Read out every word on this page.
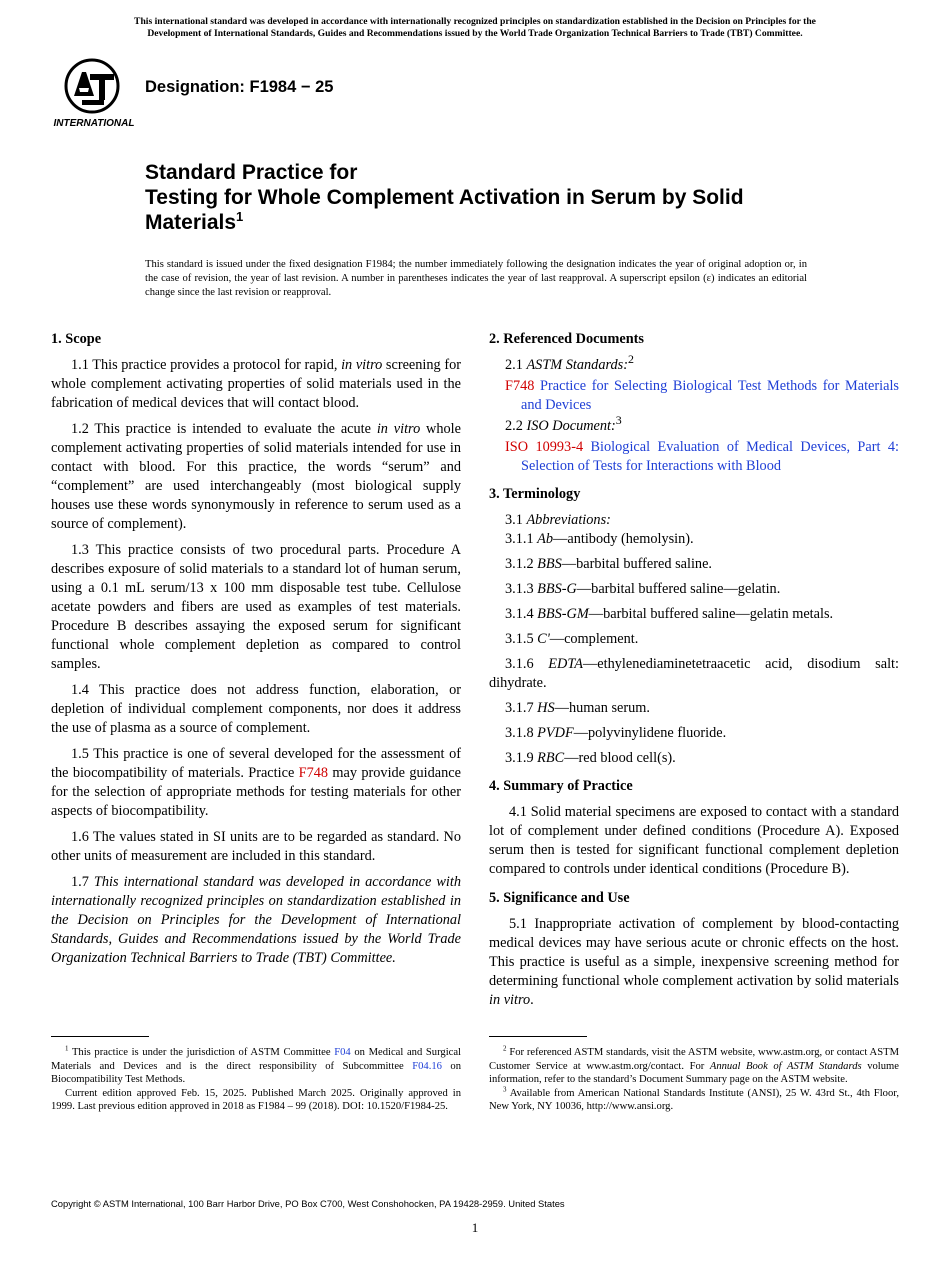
This international standard was developed in accordance with internationally recognized principles on standardization established in the Decision on Principles for the
Development of International Standards, Guides and Recommendations issued by the World Trade Organization Technical Barriers to Trade (TBT) Committee.
INTERNATIONAL
Designation: F1984 − 25
Standard Practice for
Testing for Whole Complement Activation in Serum by Solid
Materials$^1$
This standard is issued under the fixed designation F1984; the number immediately following the designation indicates the year of original adoption or, in the case of revision, the year of last revision. A number in parentheses indicates the year of last reapproval. A superscript epsilon (ε) indicates an editorial change since the last revision or reapproval.
1. Scope
1.1 This practice provides a protocol for rapid, in vitro screening for whole complement activating properties of solid materials used in the fabrication of medical devices that will contact blood.
1.2 This practice is intended to evaluate the acute in vitro whole complement activating properties of solid materials intended for use in contact with blood. For this practice, the words “serum” and “complement” are used interchangeably (most biological supply houses use these words synonymously in reference to serum used as a source of complement).
1.3 This practice consists of two procedural parts. Procedure A describes exposure of solid materials to a standard lot of human serum, using a 0.1 mL serum/13 x 100 mm disposable test tube. Cellulose acetate powders and fibers are used as examples of test materials. Procedure B describes assaying the exposed serum for significant functional whole complement depletion as compared to control samples.
1.4 This practice does not address function, elaboration, or depletion of individual complement components, nor does it address the use of plasma as a source of complement.
1.5 This practice is one of several developed for the assessment of the biocompatibility of materials. Practice F748 may provide guidance for the selection of appropriate methods for testing materials for other aspects of biocompatibility.
1.6 The values stated in SI units are to be regarded as standard. No other units of measurement are included in this standard.
1.7 This international standard was developed in accordance with internationally recognized principles on standardization established in the Decision on Principles for the Development of International Standards, Guides and Recommendations issued by the World Trade Organization Technical Barriers to Trade (TBT) Committee.
2. Referenced Documents
2.1 ASTM Standards:$^2$
F748 Practice for Selecting Biological Test Methods for Materials and Devices
2.2 ISO Document:$^3$
ISO 10993-4 Biological Evaluation of Medical Devices, Part 4: Selection of Tests for Interactions with Blood
3. Terminology
3.1 Abbreviations:
3.1.1 Ab—antibody (hemolysin).
3.1.2 BBS—barbital buffered saline.
3.1.3 BBS-G—barbital buffered saline—gelatin.
3.1.4 BBS-GM—barbital buffered saline—gelatin metals.
3.1.5 C'—complement.
3.1.6 EDTA—ethylenediaminetetraacetic acid, disodium salt: dihydrate.
3.1.7 HS—human serum.
3.1.8 PVDF—polyvinylidene fluoride.
3.1.9 RBC—red blood cell(s).
4. Summary of Practice
4.1 Solid material specimens are exposed to contact with a standard lot of complement under defined conditions (Procedure A). Exposed serum then is tested for significant functional complement depletion compared to controls under identical conditions (Procedure B).
5. Significance and Use
5.1 Inappropriate activation of complement by blood-contacting medical devices may have serious acute or chronic effects on the host. This practice is useful as a simple, inexpensive screening method for determining functional whole complement activation by solid materials in vitro.

$^1$ This practice is under the jurisdiction of ASTM Committee F04 on Medical and Surgical Materials and Devices and is the direct responsibility of Subcommittee F04.16 on Biocompatibility Test Methods.

Current edition approved Feb. 15, 2025. Published March 2025. Originally approved in 1999. Last previous edition approved in 2018 as F1984 – 99 (2018). DOI: 10.1520/F1984-25.

$^2$ For referenced ASTM standards, visit the ASTM website, www.astm.org, or contact ASTM Customer Service at www.astm.org/contact. For Annual Book of ASTM Standards volume information, refer to the standard’s Document Summary page on the ASTM website.

$^3$ Available from American National Standards Institute (ANSI), 25 W. 43rd St., 4th Floor, New York, NY 10036, http://www.ansi.org.

Copyright © ASTM International, 100 Barr Harbor Drive, PO Box C700, West Conshohocken, PA 19428-2959. United States
1
